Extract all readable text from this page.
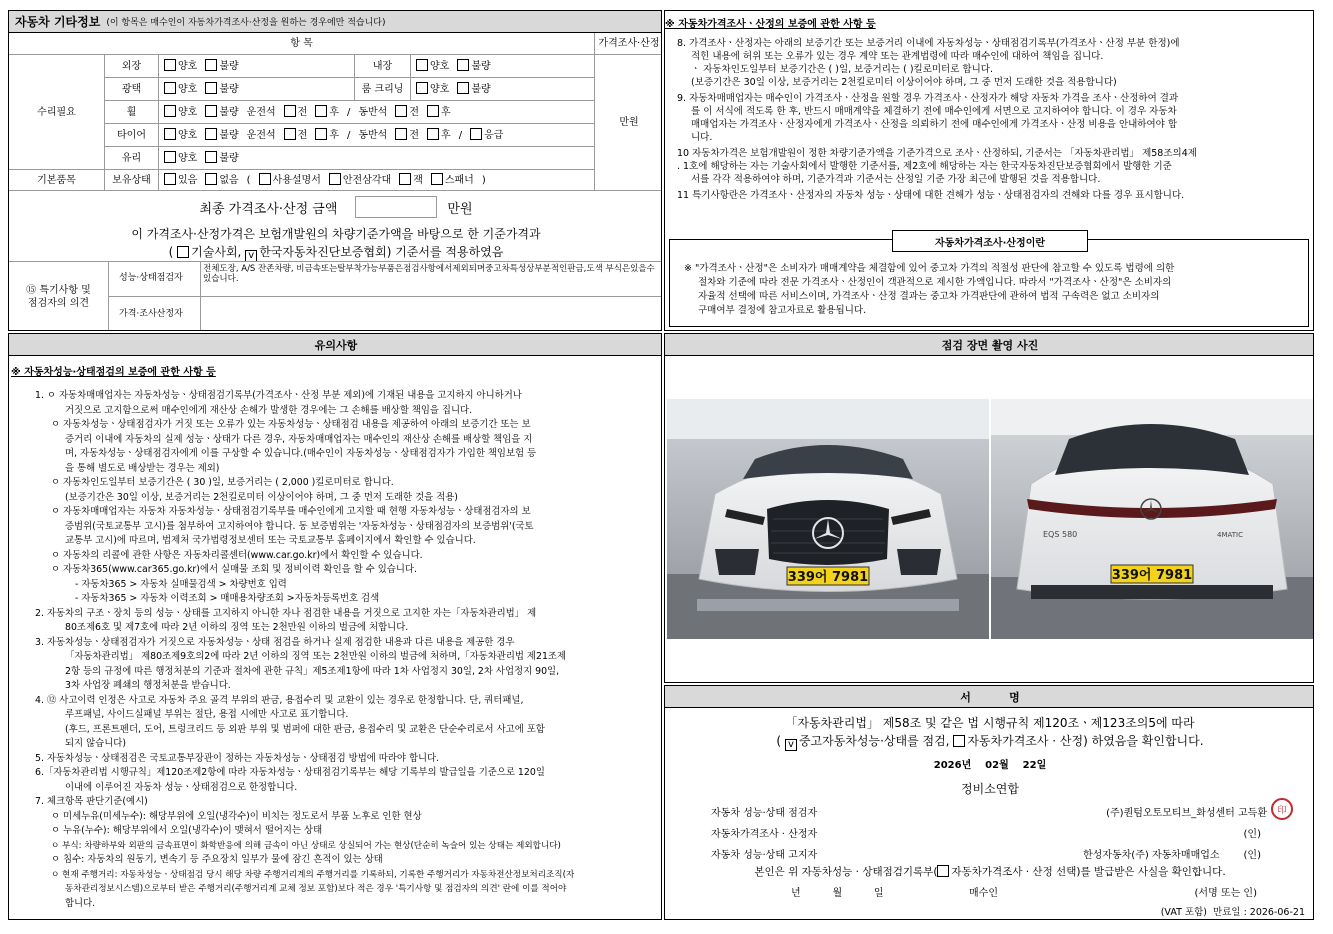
자동차 기타정보 (이 항목은 매수인이 자동차가격조사·산정을 원하는 경우에만 적습니다)
항 목	가격조사·산정
수리필요
기본품목
만원
외장	양호	불량	내장	양호	불량
광택	양호	불량	룸 크리닝	양호	불량
휠	양호	불량 운전석	전	후 / 동반석	전	후
타이어	양호	불량 운전석	전	후 / 동반석	전	후 /	응급
유리	양호	불량
보유상태	있음	없음 (	사용설명서	안전삼각대	잭	스패너 )
최종 가격조사·산정 금액	만원
이 가격조사·산정가격은 보험개발원의 차량기준가액을 바탕으로 한 기준가격과
( 기술사회, v 한국자동차진단보증협회) 기준서를 적용하였음
⑮ 특기사항 및
점검자의 의견
성능·상태점검자
전체도장, A/S 잔존차량, 비금속또는탈부착가능부품은점검사항에서제외되며중고차특성상부분적인판금,도색 부식은있을수있습니다.
가격·조사산정자
※ 자동차가격조사ㆍ산정의 보증에 관한 사항 등
8. 가격조사ㆍ산정자는 아래의 보증기간 또는 보증거리 이내에 자동차성능ㆍ상태점검기록부(가격조사ㆍ산정 부분 한정)에
적힌 내용에 허위 또는 오류가 있는 경우 계약 또는 관계법령에 따라 매수인에 대하여 책임을 집니다.
ㆍ 자동차인도일부터 보증기간은 ( )일, 보증거리는 ( )킬로미터로 합니다.
(보증기간은 30일 이상, 보증거리는 2천킬로미터 이상이어야 하며, 그 중 먼저 도래한 것을 적용합니다)
9. 자동차매매업자는 매수인이 가격조사ㆍ산정을 원할 경우 가격조사ㆍ산정자가 해당 자동차 가격을 조사ㆍ산정하여 결과
를 이 서식에 적도록 한 후, 반드시 매매계약을 체결하기 전에 매수인에게 서면으로 고지하여야 합니다. 이 경우 자동차
매매업자는 가격조사ㆍ산정자에게 가격조사ㆍ산정을 의뢰하기 전에 매수인에게 가격조사ㆍ산정 비용을 안내하여야 합
니다.
10 자동차가격은 보험개발원이 정한 차량기준가액을 기준가격으로 조사ㆍ산정하되, 기준서는 「자동차관리법」 제58조의4제
. 1호에 해당하는 자는 기술사회에서 발행한 기준서를, 제2호에 해당하는 자는 한국자동차진단보증협회에서 발행한 기준
서를 각각 적용하여야 하며, 기준가격과 기준서는 산정일 기준 가장 최근에 발행된 것을 적용합니다.
11 특기사항란은 가격조사ㆍ산정자의 자동차 성능ㆍ상태에 대한 견해가 성능ㆍ상태점검자의 견해와 다를 경우 표시합니다.
자동차가격조사·산정이란
※ "가격조사ㆍ산정"은 소비자가 매매계약을 체결함에 있어 중고차 가격의 적절성 판단에 참고할 수 있도록 법령에 의한
절차와 기준에 따라 전문 가격조사ㆍ산정인이 객관적으로 제시한 가액입니다. 따라서 "가격조사ㆍ산정"은 소비자의
자율적 선택에 따른 서비스이며, 가격조사ㆍ산정 결과는 중고차 가격판단에 관하여 법적 구속력은 없고 소비자의
구매여부 결정에 참고자료로 활용됩니다.
유의사항
※ 자동차성능·상태점검의 보증에 관한 사항 등
1. ㅇ 자동차매매업자는 자동차성능ㆍ상태점검기록부(가격조사ㆍ산정 부분 제외)에 기재된 내용을 고지하지 아니하거나
거짓으로 고지함으로써 매수인에게 재산상 손해가 발생한 경우에는 그 손해를 배상할 책임을 집니다.
ㅇ 자동차성능ㆍ상태점검자가 거짓 또는 오류가 있는 자동차성능ㆍ상태점검 내용을 제공하여 아래의 보증기간 또는 보
증거리 이내에 자동차의 실제 성능ㆍ상태가 다른 경우, 자동차매매업자는 매수인의 재산상 손해를 배상할 책임을 지
며, 자동차성능ㆍ상태점검자에게 이를 구상할 수 있습니다.(매수인이 자동차성능ㆍ상태점검자가 가입한 책임보험 등
을 통해 별도로 배상받는 경우는 제외)
ㅇ 자동차인도일부터 보증기간은 ( 30 )일, 보증거리는 ( 2,000 )킬로미터로 합니다.
(보증기간은 30일 이상, 보증거리는 2천킬로미터 이상이어야 하며, 그 중 먼저 도래한 것을 적용)
ㅇ 자동차매매업자는 자동차 자동차성능ㆍ상태점검기록부를 매수인에게 고지할 때 현행 자동차성능ㆍ상태점검자의 보
증범위(국토교통부 고시)를 첨부하여 고지하여야 합니다. 동 보증범위는 '자동차성능ㆍ상태점검자의 보증범위'(국토
교통부 고시)에 따르며, 법제처 국가법령정보센터 또는 국토교통부 홈페이지에서 확인할 수 있습니다.
ㅇ 자동차의 리콜에 관한 사항은 자동차리콜센터(www.car.go.kr)에서 확인할 수 있습니다.
ㅇ 자동차365(www.car365.go.kr)에서 실매물 조회 및 정비이력 확인을 할 수 있습니다.
- 자동차365 > 자동차 실매물검색 > 차량번호 입력
- 자동차365 > 자동차 이력조회 > 매매용차량조회 >자동차등록번호 검색
2. 자동차의 구조ㆍ장치 등의 성능ㆍ상태를 고지하지 아니한 자나 점검한 내용을 거짓으로 고지한 자는「자동차관리법」 제
80조제6호 및 제7호에 따라 2년 이하의 징역 또는 2천만원 이하의 벌금에 처합니다.
3. 자동차성능ㆍ상태점검자가 거짓으로 자동차성능ㆍ상태 점검을 하거나 실제 점검한 내용과 다른 내용을 제공한 경우
「자동차관리법」 제80조제9호의2에 따라 2년 이하의 징역 또는 2천만원 이하의 벌금에 처하며,「자동차관리법 제21조제
2항 등의 규정에 따른 행정처분의 기준과 절차에 관한 규칙」제5조제1항에 따라 1차 사업정지 30일, 2차 사업정지 90일,
3차 사업장 폐쇄의 행정처분을 받습니다.
4. ⑫ 사고이력 인정은 사고로 자동차 주요 골격 부위의 판금, 용접수리 및 교환이 있는 경우로 한정합니다. 단, 쿼터패널,
루프패널, 사이드실패널 부위는 절단, 용접 시에만 사고로 표기합니다.
(후드, 프론트펜더, 도어, 트렁크리드 등 외판 부위 및 범퍼에 대한 판금, 용접수리 및 교환은 단순수리로서 사고에 포함
되지 않습니다)
5. 자동차성능ㆍ상태점검은 국토교통부장관이 정하는 자동차성능ㆍ상태점검 방법에 따라야 합니다.
6.「자동차관리법 시행규칙」제120조제2항에 따라 자동차성능ㆍ상태점검기록부는 해당 기록부의 발급일을 기준으로 120일
이내에 이루어진 자동차 성능ㆍ상태점검으로 한정합니다.
7. 체크항목 판단기준(예시)
ㅇ 미세누유(미세누수): 해당부위에 오일(냉각수)이 비치는 정도로서 부품 노후로 인한 현상
ㅇ 누유(누수): 해당부위에서 오일(냉각수)이 맺혀서 떨어지는 상태
ㅇ 부식: 차량하부와 외판의 금속표면이 화학반응에 의해 금속이 아닌 상태로 상실되어 가는 현상(단순히 녹슬어 있는 상태는 제외합니다)
ㅇ 침수: 자동차의 원동기, 변속기 등 주요장치 일부가 물에 잠긴 흔적이 있는 상태
ㅇ 현재 주행거리: 자동차성능ㆍ상태점검 당시 해당 차량 주행거리계의 주행거리를 기록하되, 기록한 주행거리가 자동차전산정보처리조직(자
동차관리정보시스템)으로부터 받은 주행거리(주행거리계 교체 정보 포함)보다 적은 경우 '특기사항 및 점검자의 의견' 란에 이를 적어야
합니다.
점검 장면 촬영 사진
339어 7981
EQS 580	4MATIC
339어 7981
서          명
「자동차관리법」 제58조 및 같은 법 시행규칙 제120조ㆍ제123조의5에 따라
( v 중고자동차성능·상태를 점검, 자동차가격조사 · 산정) 하였음을 확인합니다.
2026년    02월    22일
정비소연합
자동차 성능·상태 점검자	(주)퀀텀오토모티브_화성센터 고득환	印
자동차가격조사 · 산정자	(인)
자동차 성능·상태 고지자	한성자동차(주) 자동차매매업소 (인)
본인은 위 자동차성능 · 상태점검기록부( 자동차가격조사 · 산정 선택)를 발급받은 사실을 확인합니다.
년          월          일	매수인	(서명 또는 인)
(VAT 포함) 만료일 : 2026-06-21
